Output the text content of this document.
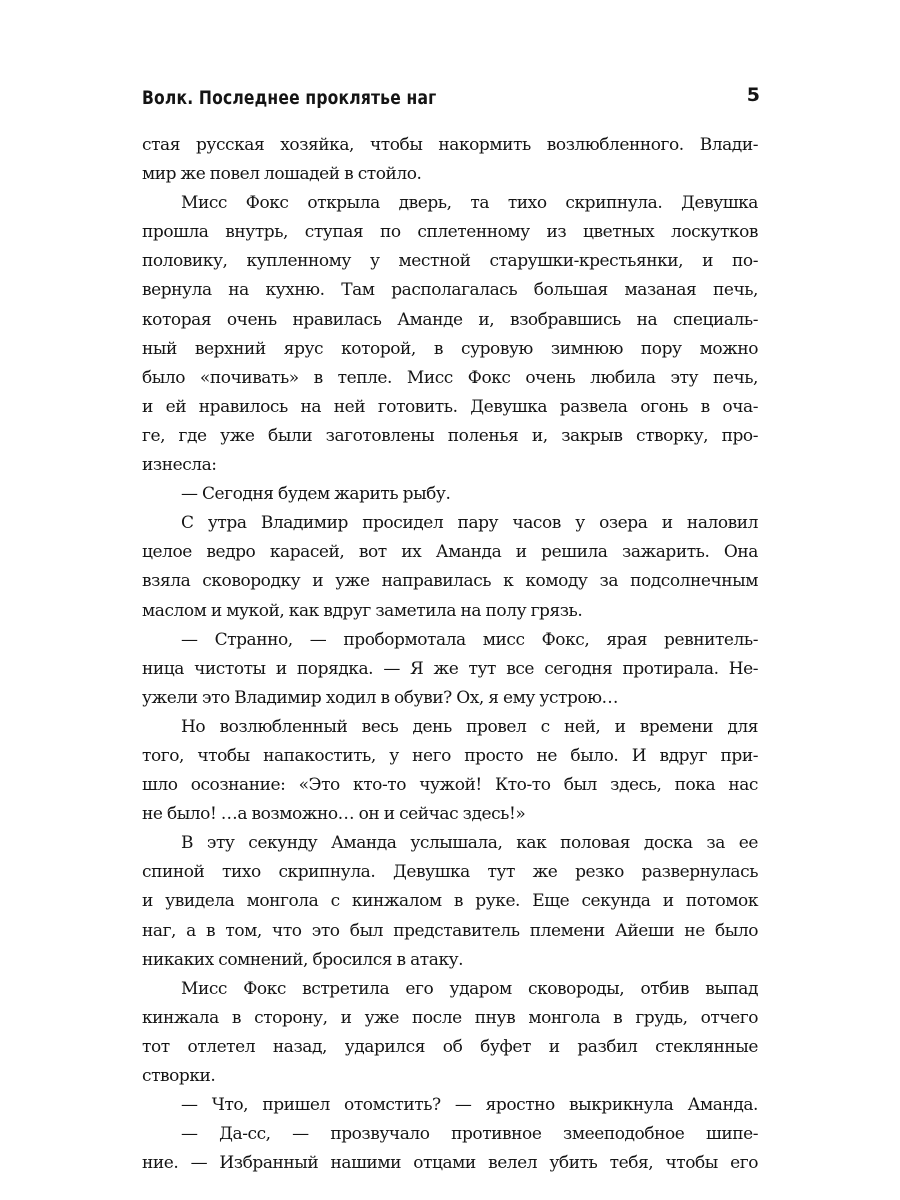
Волк. Последнее проклятье наг	5
стая русская хозяйка, чтобы накормить возлюбленного. Влади-
мир же повел лошадей в стойло.
Мисс Фокс открыла дверь, та тихо скрипнула. Девушка
прошла внутрь, ступая по сплетенному из цветных лоскутков
половику, купленному у местной старушки-крестьянки, и по-
вернула на кухню. Там располагалась большая мазаная печь,
которая очень нравилась Аманде и, взобравшись на специаль-
ный верхний ярус которой, в суровую зимнюю пору можно
было «почивать» в тепле. Мисс Фокс очень любила эту печь,
и ей нравилось на ней готовить. Девушка развела огонь в оча-
ге, где уже были заготовлены поленья и, закрыв створку, про-
изнесла:
— Сегодня будем жарить рыбу.
С утра Владимир просидел пару часов у озера и наловил
целое ведро карасей, вот их Аманда и решила зажарить. Она
взяла сковородку и уже направилась к комоду за подсолнечным
маслом и мукой, как вдруг заметила на полу грязь.
— Странно, — пробормотала мисс Фокс, ярая ревнитель-
ница чистоты и порядка. — Я же тут все сегодня протирала. Не-
ужели это Владимир ходил в обуви? Ох, я ему устрою…
Но возлюбленный весь день провел с ней, и времени для
того, чтобы напакостить, у него просто не было. И вдруг при-
шло осознание: «Это кто-то чужой! Кто-то был здесь, пока нас
не было! …а возможно… он и сейчас здесь!»
В эту секунду Аманда услышала, как половая доска за ее
спиной тихо скрипнула. Девушка тут же резко развернулась
и увидела монгола с кинжалом в руке. Еще секунда и потомок
наг, а в том, что это был представитель племени Айеши не было
никаких сомнений, бросился в атаку.
Мисс Фокс встретила его ударом сковороды, отбив выпад
кинжала в сторону, и уже после пнув монгола в грудь, отчего
тот отлетел назад, ударился об буфет и разбил стеклянные
створки.
— Что, пришел отомстить? — яростно выкрикнула Аманда.
— Да-сс, — прозвучало противное змееподобное шипе-
ние. — Избранный нашими отцами велел убить тебя, чтобы его
